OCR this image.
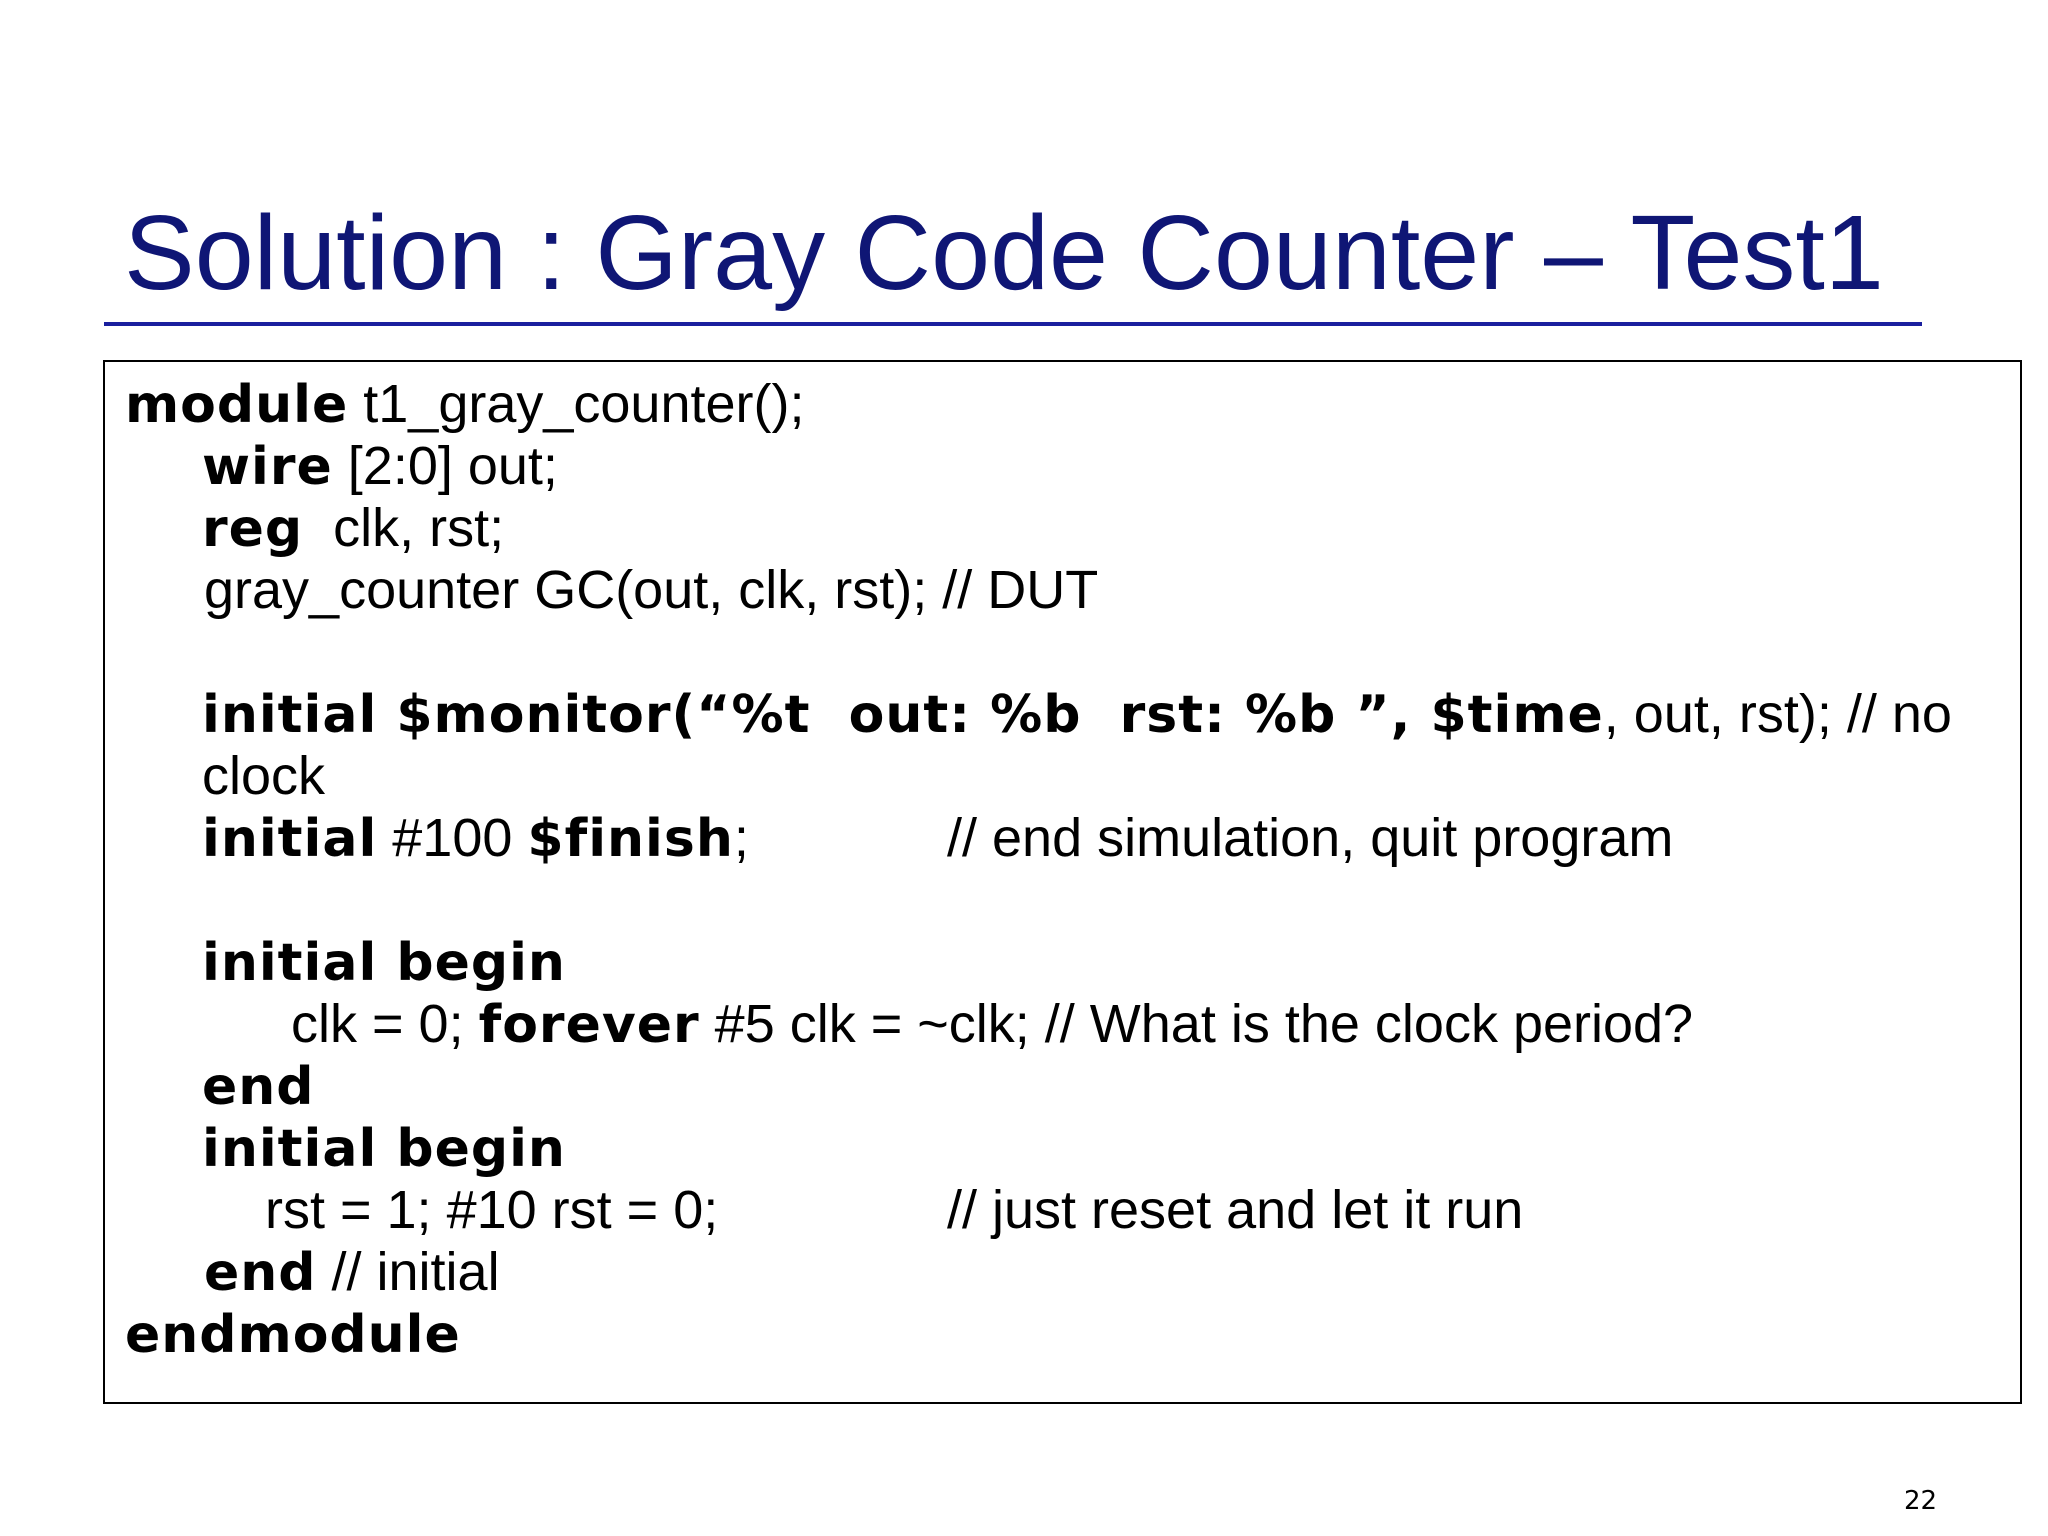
Solution : Gray Code Counter – Test1
module t1_gray_counter();
wire [2:0] out;
reg  clk, rst;
gray_counter GC(out, clk, rst); // DUT
initial $monitor(“%t  out: %b  rst: %b ”, $time, out, rst); // no
clock
initial #100 $finish;	// end simulation, quit program
initial begin
clk = 0; forever #5 clk = ~clk; // What is the clock period?
end
initial begin
rst = 1; #10 rst = 0;	// just reset and let it run
end // initial
endmodule
22
